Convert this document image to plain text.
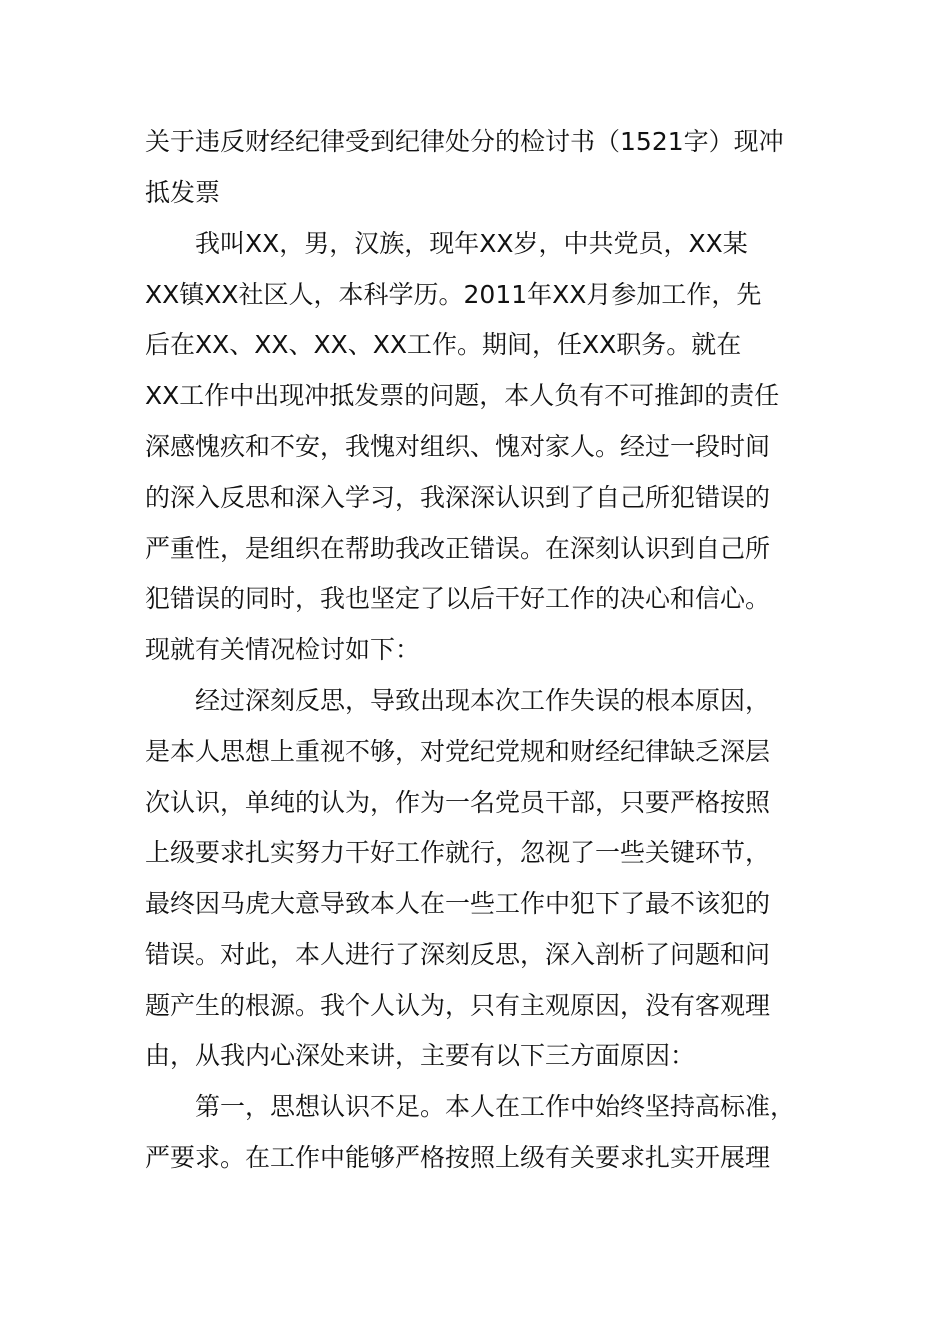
关于违反财经纪律受到纪律处分的检讨书（1521字）现冲
抵发票
我叫XX，男，汉族，现年XX岁，中共党员，XX某
XX镇XX社区人，本科学历。2011年XX月参加工作，先
后在XX、XX、XX、XX工作。期间，任XX职务。就在
XX工作中出现冲抵发票的问题，本人负有不可推卸的责任
深感愧疚和不安，我愧对组织、愧对家人。经过一段时间
的深入反思和深入学习，我深深认识到了自己所犯错误的
严重性，是组织在帮助我改正错误。在深刻认识到自己所
犯错误的同时，我也坚定了以后干好工作的决心和信心。
现就有关情况检讨如下：
经过深刻反思，导致出现本次工作失误的根本原因，
是本人思想上重视不够，对党纪党规和财经纪律缺乏深层
次认识，单纯的认为，作为一名党员干部，只要严格按照
上级要求扎实努力干好工作就行，忽视了一些关键环节，
最终因马虎大意导致本人在一些工作中犯下了最不该犯的
错误。对此，本人进行了深刻反思，深入剖析了问题和问
题产生的根源。我个人认为，只有主观原因，没有客观理
由，从我内心深处来讲，主要有以下三方面原因：
第一，思想认识不足。本人在工作中始终坚持高标准，
严要求。在工作中能够严格按照上级有关要求扎实开展理
